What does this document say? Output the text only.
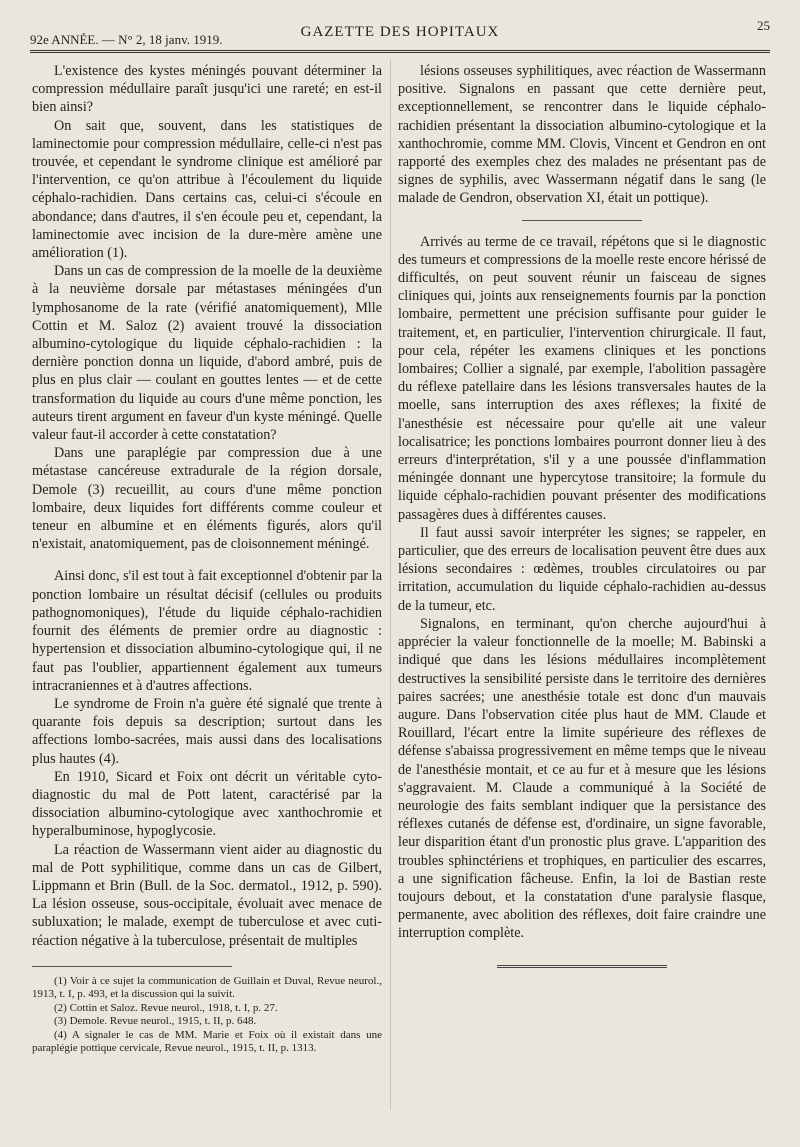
92e ANNÉE. — N° 2, 18 janv. 1919.	GAZETTE DES HOPITAUX	25

L'existence des kystes méningés pouvant déterminer la compression médullaire paraît jusqu'ici une rareté; en est-il bien ainsi?

On sait que, souvent, dans les statistiques de laminectomie pour compression médullaire, celle-ci n'est pas trouvée, et cependant le syndrome clinique est amélioré par l'intervention, ce qu'on attribue à l'écoulement du liquide céphalo-rachidien. Dans certains cas, celui-ci s'écoule en abondance; dans d'autres, il s'en écoule peu et, cependant, la laminectomie avec incision de la dure-mère amène une amélioration (1).

Dans un cas de compression de la moelle de la deuxième à la neuvième dorsale par métastases méningées d'un lymphosanome de la rate (vérifié anatomiquement), Mlle Cottin et M. Saloz (2) avaient trouvé la dissociation albumino-cytologique du liquide céphalo-rachidien : la dernière ponction donna un liquide, d'abord ambré, puis de plus en plus clair — coulant en gouttes lentes — et de cette transformation du liquide au cours d'une même ponction, les auteurs tirent argument en faveur d'un kyste méningé. Quelle valeur faut-il accorder à cette constatation?

Dans une paraplégie par compression due à une métastase cancéreuse extradurale de la région dorsale, Demole (3) recueillit, au cours d'une même ponction lombaire, deux liquides fort différents comme couleur et teneur en albumine et en éléments figurés, alors qu'il n'existait, anatomiquement, pas de cloisonnement méningé.

Ainsi donc, s'il est tout à fait exceptionnel d'obtenir par la ponction lombaire un résultat décisif (cellules ou produits pathognomoniques), l'étude du liquide céphalo-rachidien fournit des éléments de premier ordre au diagnostic : hypertension et dissociation albumino-cytologique qui, il ne faut pas l'oublier, appartiennent également aux tumeurs intracraniennes et à d'autres affections.

Le syndrome de Froin n'a guère été signalé que trente à quarante fois depuis sa description; surtout dans les affections lombo-sacrées, mais aussi dans des localisations plus hautes (4).

En 1910, Sicard et Foix ont décrit un véritable cyto-diagnostic du mal de Pott latent, caractérisé par la dissociation albumino-cytologique avec xanthochromie et hyperalbuminose, hypoglycosie.

La réaction de Wassermann vient aider au diagnostic du mal de Pott syphilitique, comme dans un cas de Gilbert, Lippmann et Brin (Bull. de la Soc. dermatol., 1912, p. 590). La lésion osseuse, sous-occipitale, évoluait avec menace de subluxation; le malade, exempt de tuberculose et avec cuti-réaction négative à la tuberculose, présentait de multiples

(1) Voir à ce sujet la communication de Guillain et Duval, Revue neurol., 1913, t. I, p. 493, et la discussion qui la suivit.

(2) Cottin et Saloz. Revue neurol., 1918, t. I, p. 27.

(3) Demole. Revue neurol., 1915, t. II, p. 648.

(4) A signaler le cas de MM. Marie et Foix où il existait dans une paraplégie pottique cervicale, Revue neurol., 1915, t. II, p. 1313.

lésions osseuses syphilitiques, avec réaction de Wassermann positive. Signalons en passant que cette dernière peut, exceptionnellement, se rencontrer dans le liquide céphalo-rachidien présentant la dissociation albumino-cytologique et la xanthochromie, comme MM. Clovis, Vincent et Gendron en ont rapporté des exemples chez des malades ne présentant pas de signes de syphilis, avec Wassermann négatif dans le sang (le malade de Gendron, observation XI, était un pottique).

Arrivés au terme de ce travail, répétons que si le diagnostic des tumeurs et compressions de la moelle reste encore hérissé de difficultés, on peut souvent réunir un faisceau de signes cliniques qui, joints aux renseignements fournis par la ponction lombaire, permettent une précision suffisante pour guider le traitement, et, en particulier, l'intervention chirurgicale. Il faut, pour cela, répéter les examens cliniques et les ponctions lombaires; Collier a signalé, par exemple, l'abolition passagère du réflexe patellaire dans les lésions transversales hautes de la moelle, sans interruption des axes réflexes; la fixité de l'anesthésie est nécessaire pour qu'elle ait une valeur localisatrice; les ponctions lombaires pourront donner lieu à des erreurs d'interprétation, s'il y a une poussée d'inflammation méningée donnant une hypercytose transitoire; la formule du liquide céphalo-rachidien pouvant présenter des modifications passagères dues à différentes causes.

Il faut aussi savoir interpréter les signes; se rappeler, en particulier, que des erreurs de localisation peuvent être dues aux lésions secondaires : œdèmes, troubles circulatoires ou par irritation, accumulation du liquide céphalo-rachidien au-dessus de la tumeur, etc.

Signalons, en terminant, qu'on cherche aujourd'hui à apprécier la valeur fonctionnelle de la moelle; M. Babinski a indiqué que dans les lésions médullaires incomplètement destructives la sensibilité persiste dans le territoire des dernières paires sacrées; une anesthésie totale est donc d'un mauvais augure. Dans l'observation citée plus haut de MM. Claude et Rouillard, l'écart entre la limite supérieure des réflexes de défense s'abaissa progressivement en même temps que le niveau de l'anesthésie montait, et ce au fur et à mesure que les lésions s'aggravaient. M. Claude a communiqué à la Société de neurologie des faits semblant indiquer que la persistance des réflexes cutanés de défense est, d'ordinaire, un signe favorable, leur disparition étant d'un pronostic plus grave. L'apparition des troubles sphinctériens et trophiques, en particulier des escarres, a une signification fâcheuse. Enfin, la loi de Bastian reste toujours debout, et la constatation d'une paralysie flasque, permanente, avec abolition des réflexes, doit faire craindre une interruption complète.
